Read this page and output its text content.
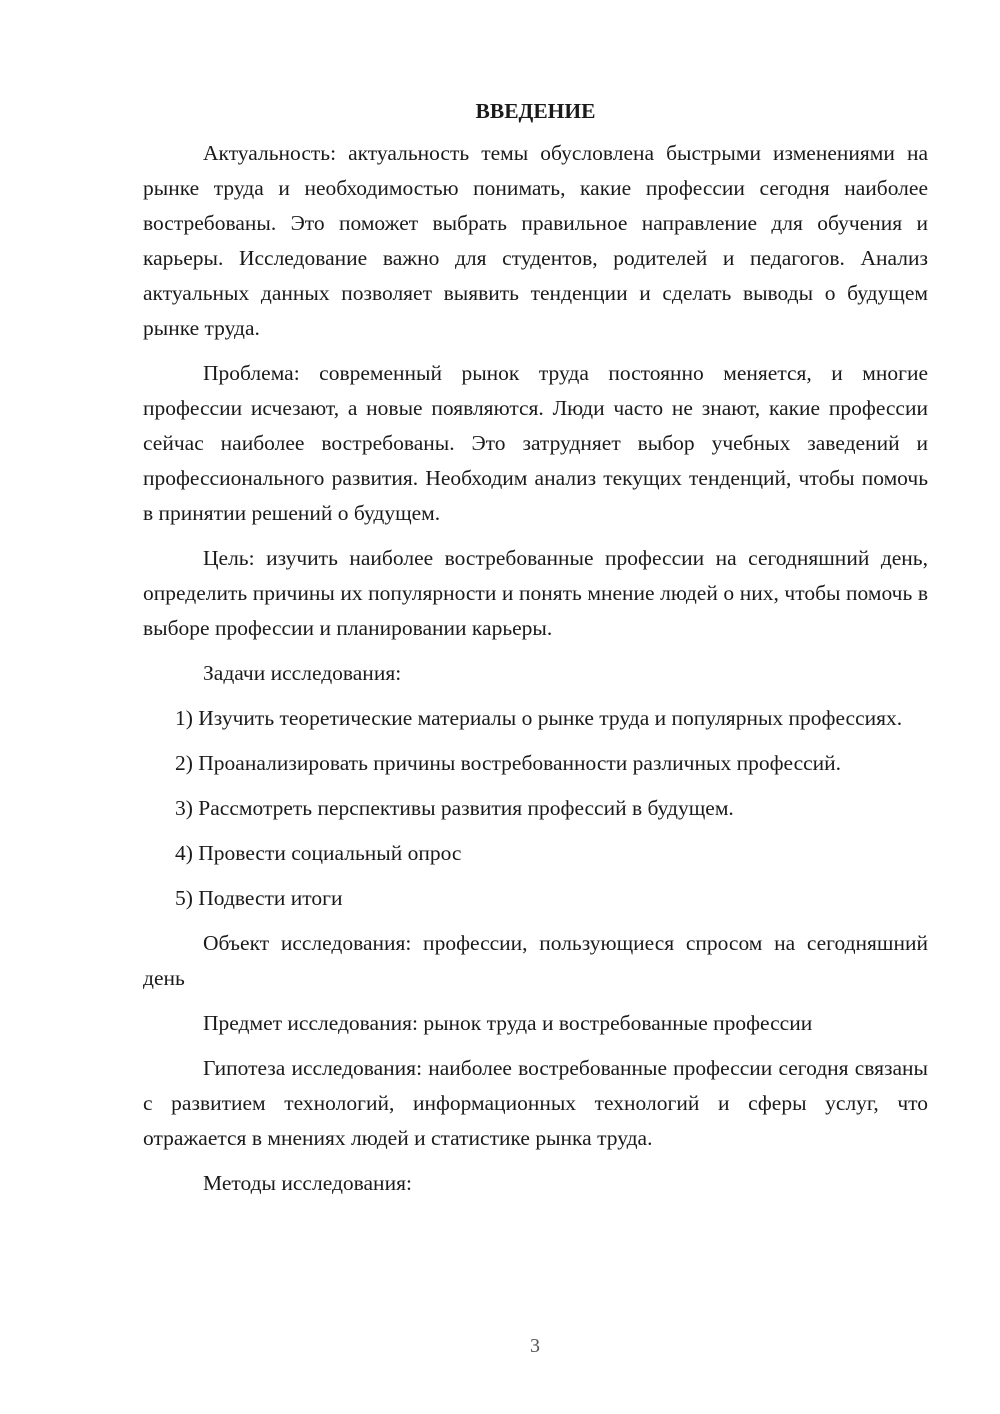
ВВЕДЕНИЕ

Актуальность: актуальность темы обусловлена быстрыми изменениями на рынке труда и необходимостью понимать, какие профессии сегодня наиболее востребованы. Это поможет выбрать правильное направление для обучения и карьеры. Исследование важно для студентов, родителей и педагогов. Анализ актуальных данных позволяет выявить тенденции и сделать выводы о будущем рынке труда.

Проблема: современный рынок труда постоянно меняется, и многие профессии исчезают, а новые появляются. Люди часто не знают, какие профессии сейчас наиболее востребованы. Это затрудняет выбор учебных заведений и профессионального развития. Необходим анализ текущих тенденций, чтобы помочь в принятии решений о будущем.

Цель: изучить наиболее востребованные профессии на сегодняшний день, определить причины их популярности и понять мнение людей о них, чтобы помочь в выборе профессии и планировании карьеры.

Задачи исследования:

1) Изучить теоретические материалы о рынке труда и популярных профессиях.

2) Проанализировать причины востребованности различных профессий.

3) Рассмотреть перспективы развития профессий в будущем.

4) Провести социальный опрос

5) Подвести итоги

Объект исследования: профессии, пользующиеся спросом на сегодняшний день

Предмет исследования: рынок труда и востребованные профессии

Гипотеза исследования: наиболее востребованные профессии сегодня связаны с развитием технологий, информационных технологий и сферы услуг, что отражается в мнениях людей и статистике рынка труда.

Методы исследования:

3
